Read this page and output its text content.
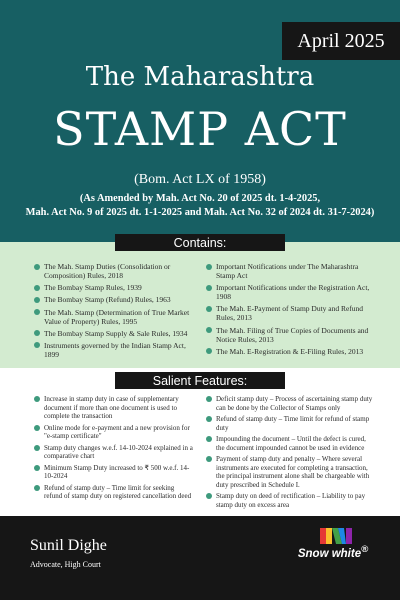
April 2025
The Maharashtra
STAMP ACT
(Bom. Act LX of 1958)
(As Amended by Mah. Act No. 20 of 2025 dt. 1-4-2025,
Mah. Act No. 9 of 2025 dt. 1-1-2025 and Mah. Act No. 32 of 2024 dt. 31-7-2024)
Contains:
The Mah. Stamp Duties (Consolidation or Composition) Rules, 2018
The Bombay Stamp Rules, 1939
The Bombay Stamp (Refund) Rules, 1963
The Mah. Stamp (Determination of True Market Value of Property) Rules, 1995
The Bombay Stamp Supply & Sale Rules, 1934
Instruments governed by the Indian Stamp Act, 1899
Important Notifications under The Maharashtra Stamp Act
Important Notifications under the Registration Act, 1908
The Mah. E-Payment of Stamp Duty and Refund Rules, 2013
The Mah. Filing of True Copies of Documents and Notice Rules, 2013
The Mah. E-Registration & E-Filing Rules, 2013
Salient Features:
Increase in stamp duty in case of supplementary document if more than one document is used to complete the transaction
Online mode for e-payment and a new provision for "e-stamp certificate"
Stamp duty changes w.e.f. 14-10-2024 explained in a comparative chart
Minimum Stamp Duty increased to ₹ 500 w.e.f. 14-10-2024
Refund of stamp duty – Time limit for seeking refund of stamp duty on registered cancellation deed
Deficit stamp duty – Process of ascertaining stamp duty can be done by the Collector of Stamps only
Refund of stamp duty – Time limit for refund of stamp duty
Impounding the document – Until the defect is cured, the document impounded cannot be used in evidence
Payment of stamp duty and penalty – Where several instruments are executed for completing a transaction, the principal instrument alone shall be chargeable with duty prescribed in Schedule I.
Stamp duty on deed of rectification – Liability to pay stamp duty on excess area
Sunil Dighe
Advocate, High Court
Snow white®
